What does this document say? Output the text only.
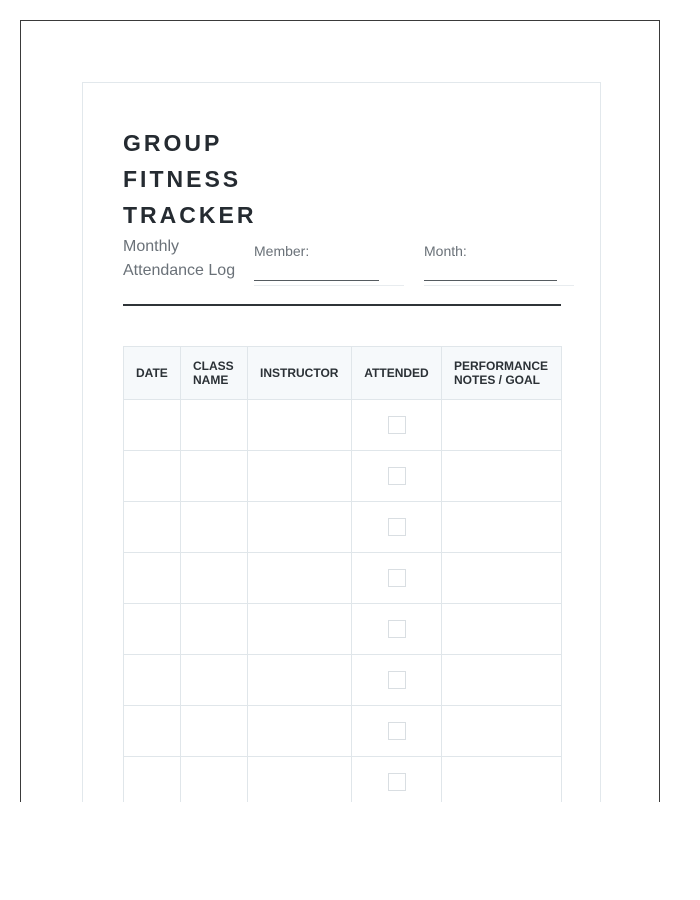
GROUP
FITNESS
TRACKER
Monthly Attendance Log
Member:	Month:
DATE	CLASS NAME	INSTRUCTOR	ATTENDED	PERFORMANCE NOTES / GOAL
